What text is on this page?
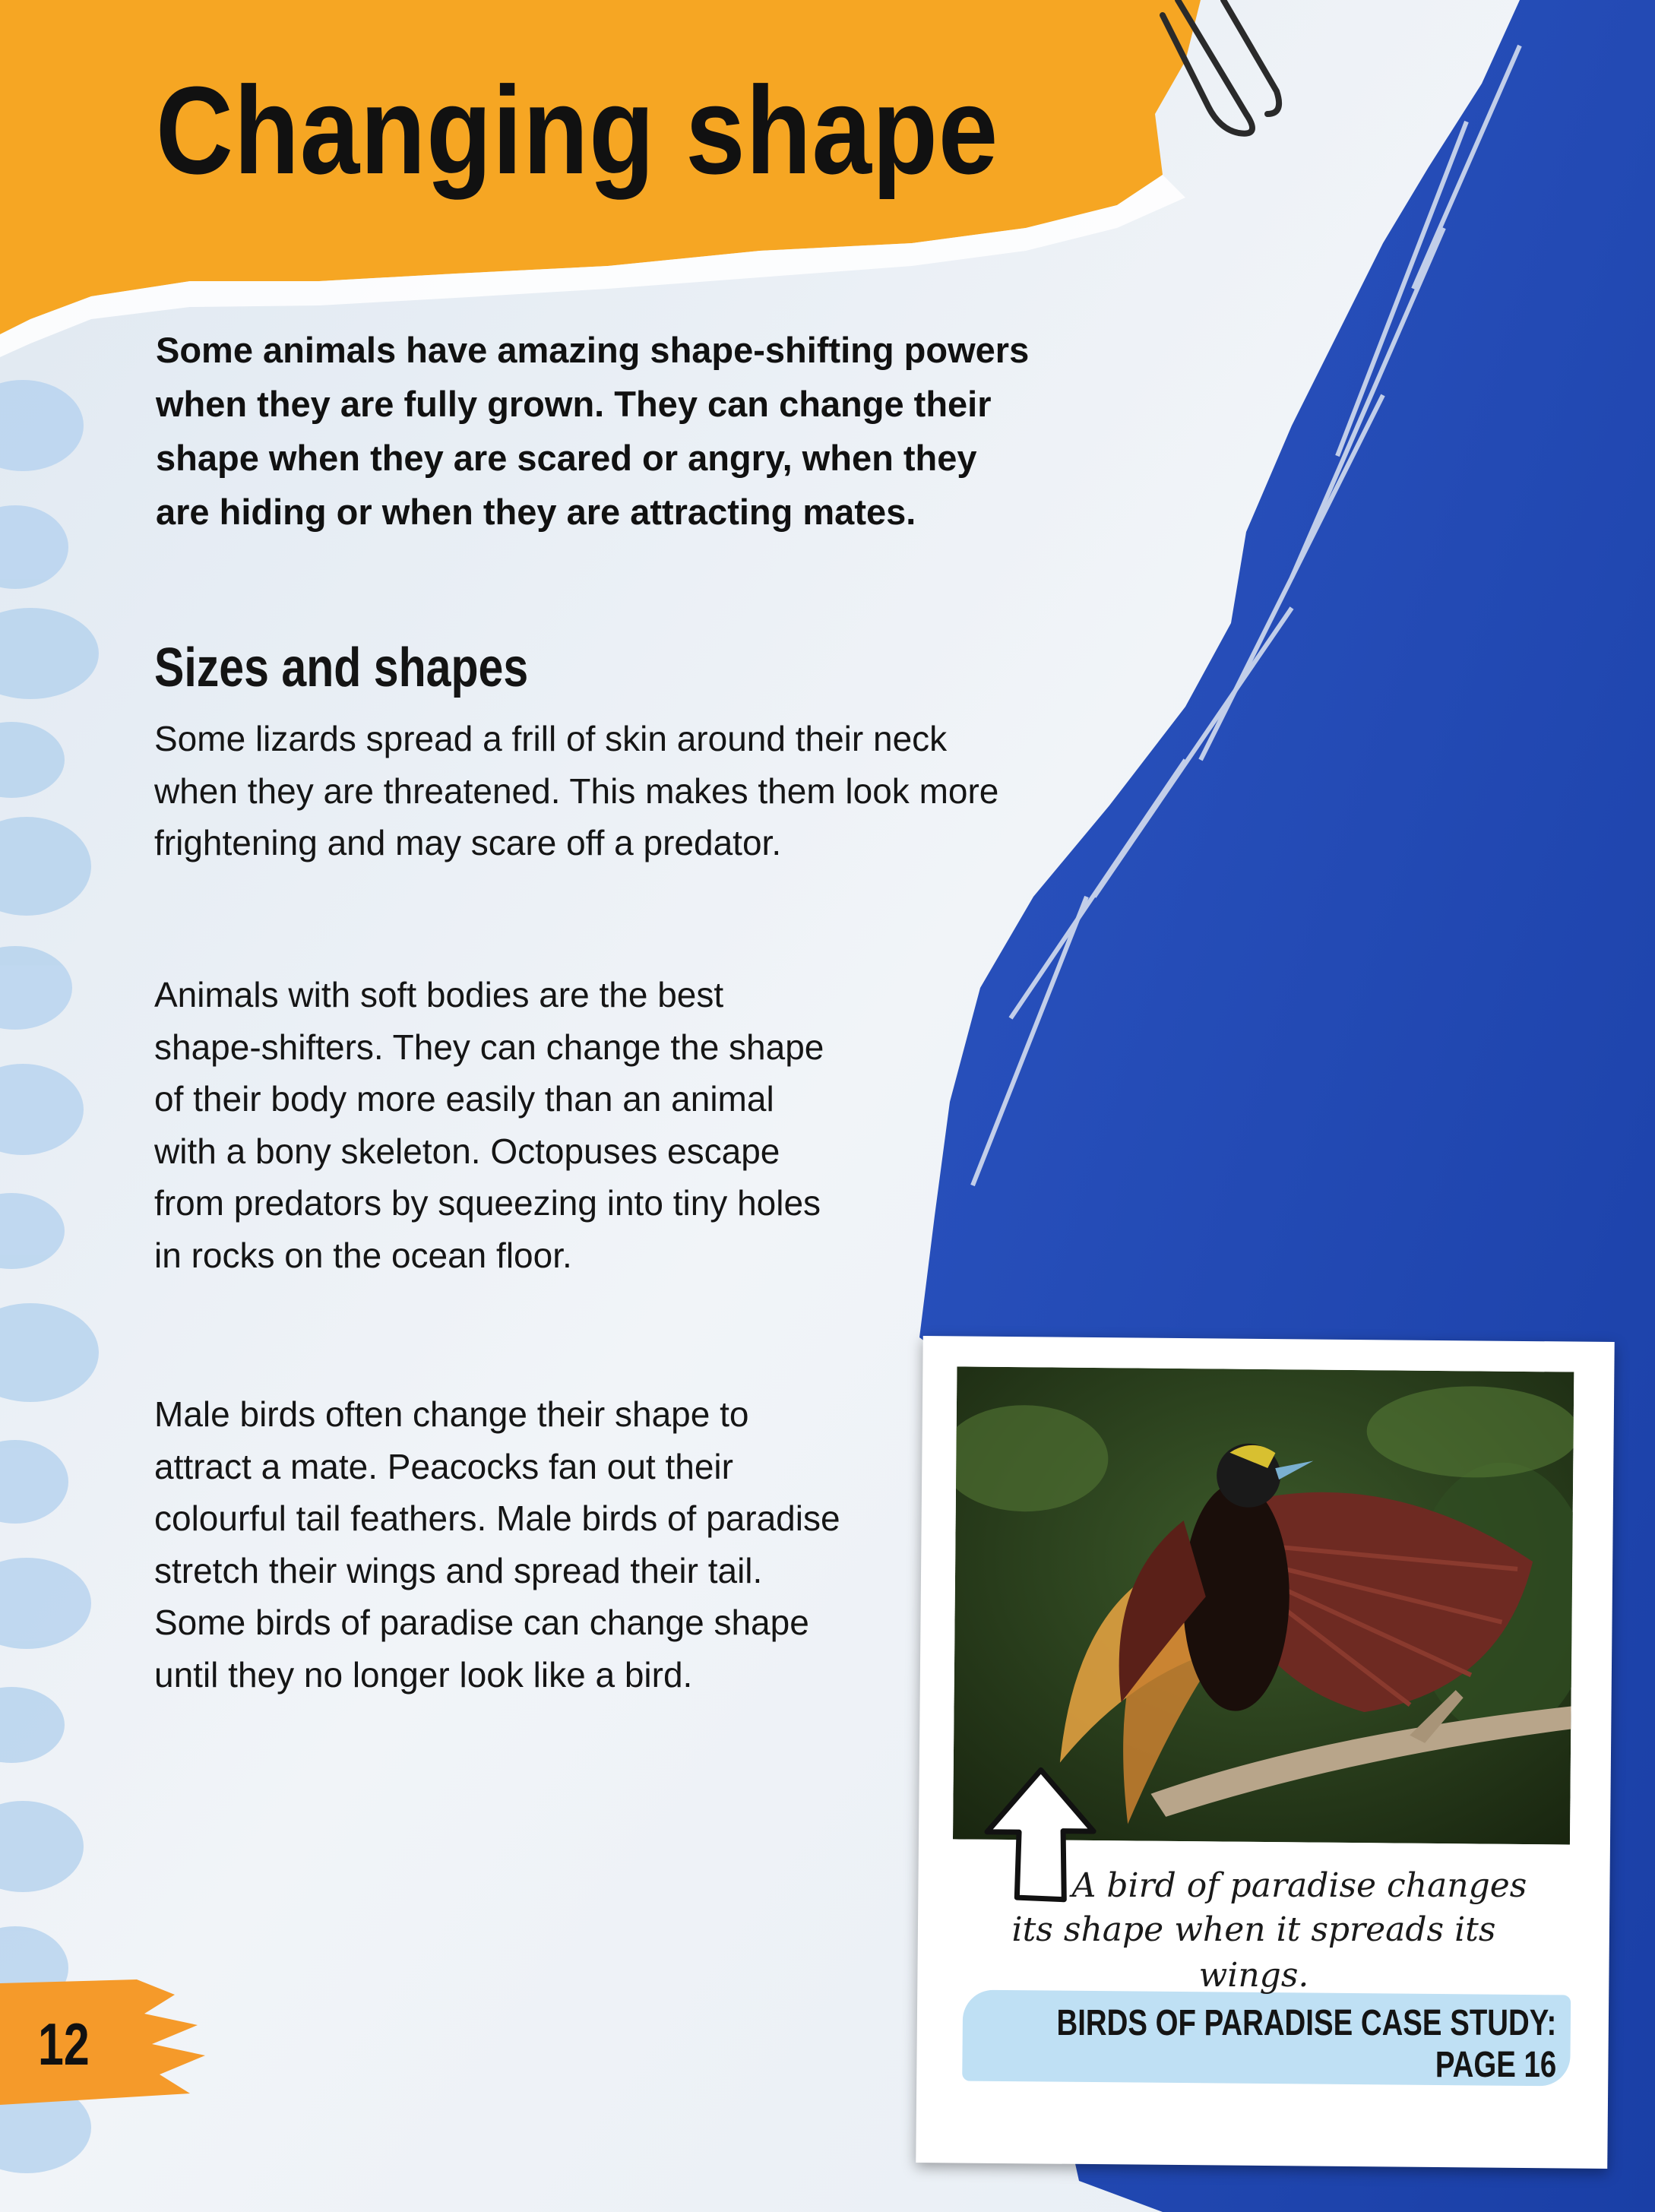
Changing shape

Some animals have amazing shape-shifting powers when they are fully grown. They can change their shape when they are scared or angry, when they are hiding or when they are attracting mates.

Sizes and shapes

Some lizards spread a frill of skin around their neck when they are threatened. This makes them look more frightening and may scare off a predator.

Animals with soft bodies are the best shape-shifters. They can change the shape of their body more easily than an animal with a bony skeleton. Octopuses escape from predators by squeezing into tiny holes in rocks on the ocean floor.

Male birds often change their shape to attract a mate. Peacocks fan out their colourful tail feathers. Male birds of paradise stretch their wings and spread their tail. Some birds of paradise can change shape until they no longer look like a bird.

A bird of paradise changes

its shape when it spreads its wings.

BIRDS OF PARADISE CASE STUDY:

PAGE 16

12
